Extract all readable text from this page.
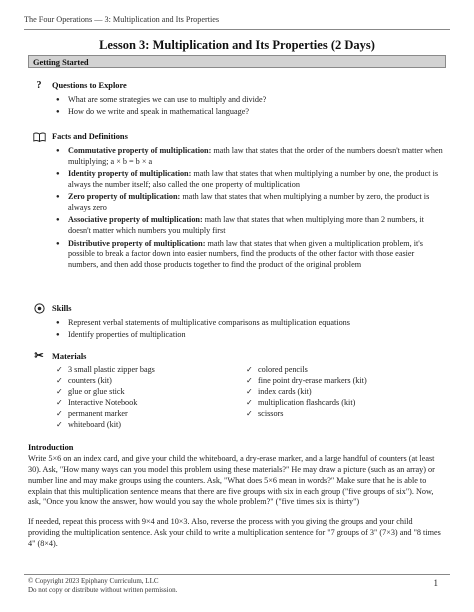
The Four Operations — 3: Multiplication and Its Properties
Lesson 3: Multiplication and Its Properties (2 Days)
Getting Started
?	Questions to Explore
● What are some strategies we can use to multiply and divide?
● How do we write and speak in mathematical language?
Facts and Definitions
● Commutative property of multiplication: math law that states that the order of the numbers doesn't matter when multiplying; a × b = b × a
● Identity property of multiplication: math law that states that when multiplying a number by one, the product is always the number itself; also called the one property of multiplication
● Zero property of multiplication: math law that states that when multiplying a number by zero, the product is always zero
● Associative property of multiplication: math law that states that when multiplying more than 2 numbers, it doesn't matter which numbers you multiply first
● Distributive property of multiplication: math law that states that when given a multiplication problem, it's possible to break a factor down into easier numbers, find the products of the other factor with those easier numbers, and then add those products together to find the product of the original problem
Skills
● Represent verbal statements of multiplicative comparisons as multiplication equations
● Identify properties of multiplication
✂ Materials
✓ 3 small plastic zipper bags
✓ counters (kit)
✓ glue or glue stick
✓ Interactive Notebook
✓ permanent marker
✓ whiteboard (kit)
✓ colored pencils
✓ fine point dry-erase markers (kit)
✓ index cards (kit)
✓ multiplication flashcards (kit)
✓ scissors
Introduction

Write 5×6 on an index card, and give your child the whiteboard, a dry-erase marker, and a large handful of counters (at least 30). Ask, "How many ways can you model this problem using these materials?" He may draw a picture (such as an array) or number line and may make groups using the counters. Ask, "What does 5×6 mean in words?" Make sure that he is able to explain that this multiplication sentence means that there are five groups with six in each group ("five groups of six"). Now, ask, "Once you know the answer, how would you say the whole problem?" ("five times six is thirty")

If needed, repeat this process with 9×4 and 10×3. Also, reverse the process with you giving the groups and your child providing the multiplication sentence. Ask your child to write a multiplication sentence for "7 groups of 3" (7×3) and "8 times 4" (8×4).

© Copyright 2023 Epiphany Curriculum, LLC
Do not copy or distribute without written permission.
1
